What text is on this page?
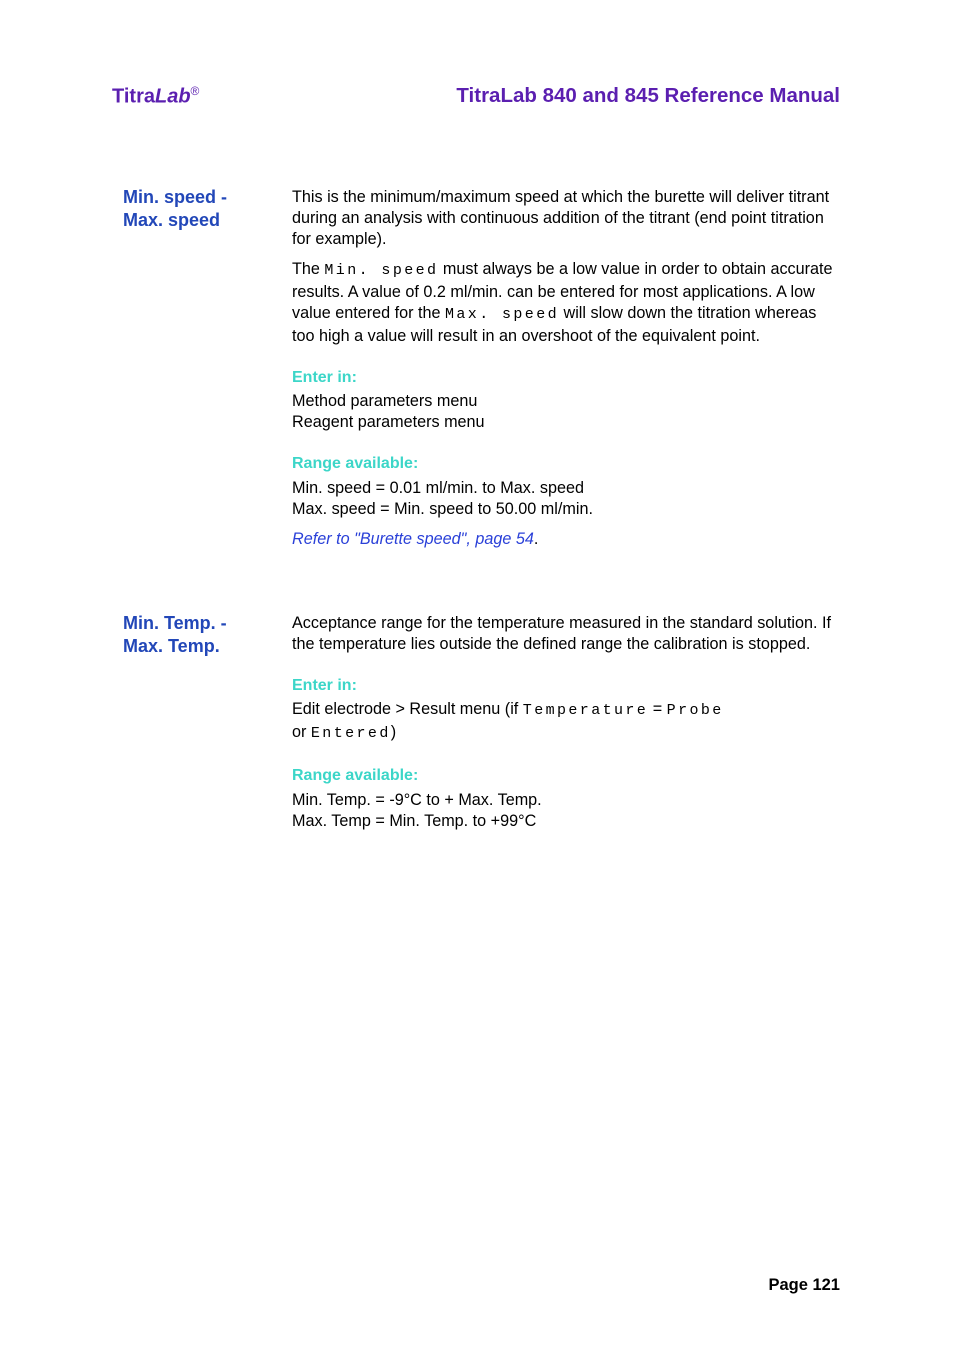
TitraLab®	TitraLab 840 and 845 Reference Manual
Min. speed -
Max. speed

This is the minimum/maximum speed at which the burette will deliver titrant during an analysis with continuous addition of the titrant (end point titration for example).

The Min. speed must always be a low value in order to obtain accurate results. A value of 0.2 ml/min. can be entered for most applications. A low value entered for the Max. speed will slow down the titration whereas too high a value will result in an overshoot of the equivalent point.

Enter in:

Method parameters menu

Reagent parameters menu

Range available:

Min. speed = 0.01 ml/min. to Max. speed

Max. speed = Min. speed to 50.00 ml/min.

Refer to "Burette speed", page 54.

Min. Temp. -
Max. Temp.

Acceptance range for the temperature measured in the standard solution. If the temperature lies outside the defined range the calibration is stopped.

Enter in:

Edit electrode > Result menu (if Temperature = Probe

or Entered)

Range available:

Min. Temp. = -9°C to + Max. Temp.

Max. Temp = Min. Temp. to +99°C

Page 121
